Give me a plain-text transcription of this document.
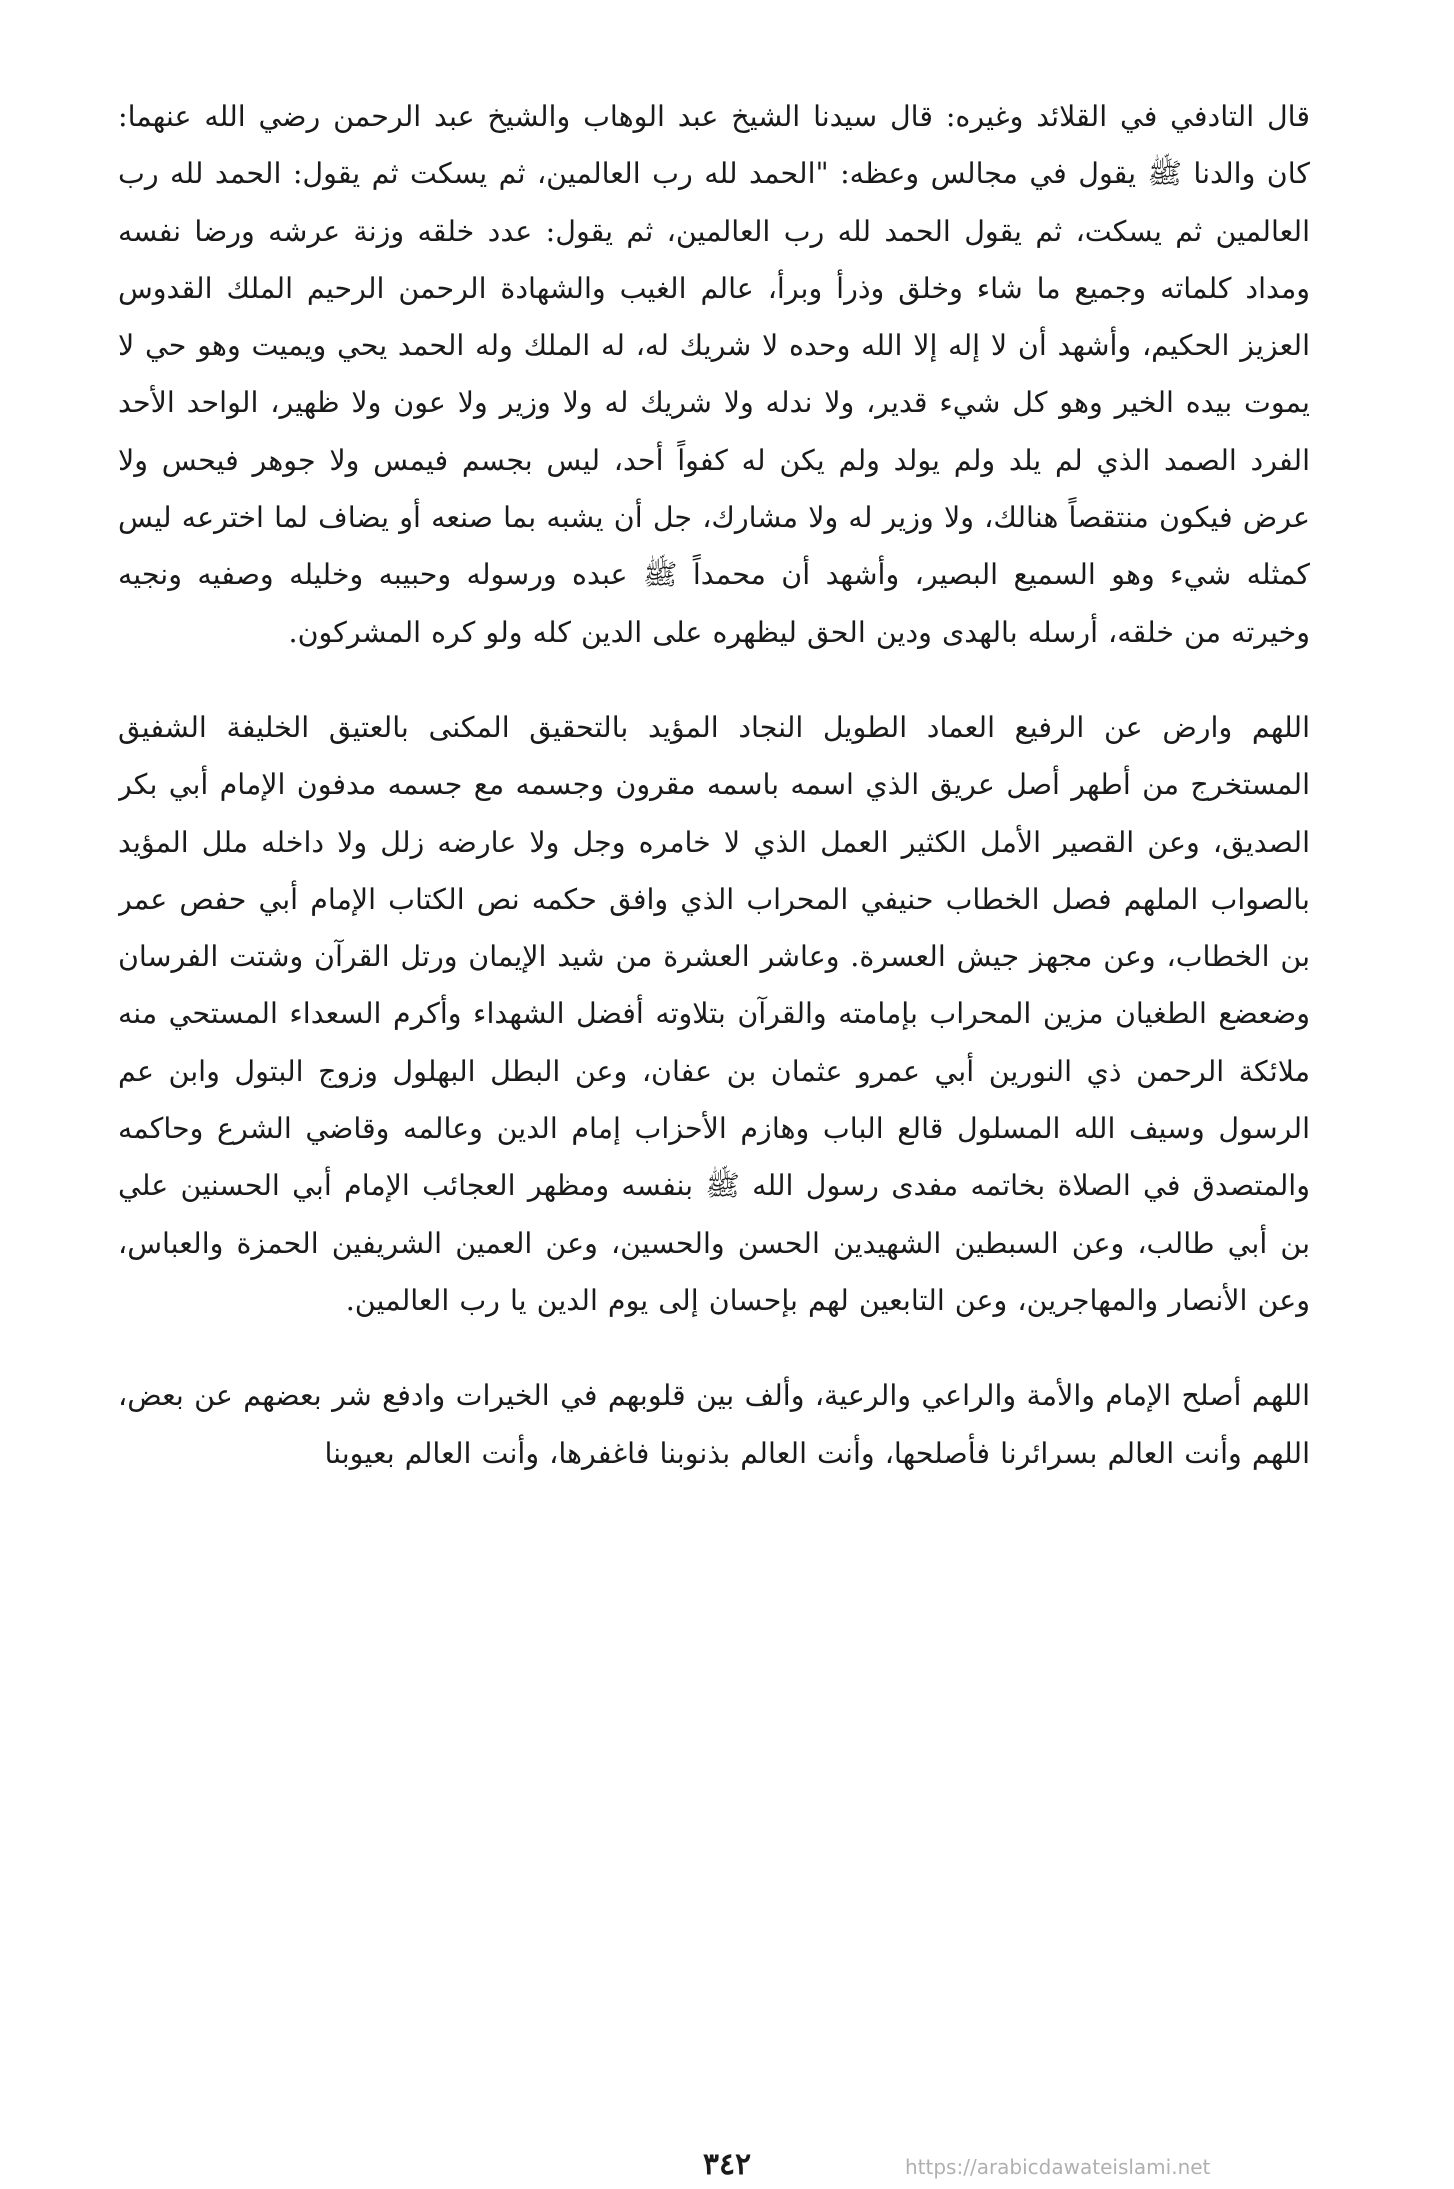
قال التادفي في القلائد وغيره: قال سيدنا الشيخ عبد الوهاب والشيخ عبد الرحمن رضي الله عنهما: كان والدنا ﷺ يقول في مجالس وعظه: "الحمد لله رب العالمين، ثم يسكت ثم يقول: الحمد لله رب العالمين ثم يسكت، ثم يقول الحمد لله رب العالمين، ثم يقول: عدد خلقه وزنة عرشه ورضا نفسه ومداد كلماته وجميع ما شاء وخلق وذرأ وبرأ، عالم الغيب والشهادة الرحمن الرحيم الملك القدوس العزيز الحكيم، وأشهد أن لا إله إلا الله وحده لا شريك له، له الملك وله الحمد يحي ويميت وهو حي لا يموت بيده الخير وهو كل شيء قدير، ولا ندله ولا شريك له ولا وزير ولا عون ولا ظهير، الواحد الأحد الفرد الصمد الذي لم يلد ولم يولد ولم يكن له كفواً أحد، ليس بجسم فيمس ولا جوهر فيحس ولا عرض فيكون منتقصاً هنالك، ولا وزير له ولا مشارك، جل أن يشبه بما صنعه أو يضاف لما اخترعه ليس كمثله شيء وهو السميع البصير، وأشهد أن محمداً ﷺ عبده ورسوله وحبيبه وخليله وصفيه ونجيه وخيرته من خلقه، أرسله بالهدى ودين الحق ليظهره على الدين كله ولو كره المشركون.

اللهم وارض عن الرفيع العماد الطويل النجاد المؤيد بالتحقيق المكنى بالعتيق الخليفة الشفيق المستخرج من أطهر أصل عريق الذي اسمه باسمه مقرون وجسمه مع جسمه مدفون الإمام أبي بكر الصديق، وعن القصير الأمل الكثير العمل الذي لا خامره وجل ولا عارضه زلل ولا داخله ملل المؤيد بالصواب الملهم فصل الخطاب حنيفي المحراب الذي وافق حكمه نص الكتاب الإمام أبي حفص عمر بن الخطاب، وعن مجهز جيش العسرة. وعاشر العشرة من شيد الإيمان ورتل القرآن وشتت الفرسان وضعضع الطغيان مزين المحراب بإمامته والقرآن بتلاوته أفضل الشهداء وأكرم السعداء المستحي منه ملائكة الرحمن ذي النورين أبي عمرو عثمان بن عفان، وعن البطل البهلول وزوج البتول وابن عم الرسول وسيف الله المسلول قالع الباب وهازم الأحزاب إمام الدين وعالمه وقاضي الشرع وحاكمه والمتصدق في الصلاة بخاتمه مفدى رسول الله ﷺ بنفسه ومظهر العجائب الإمام أبي الحسنين علي بن أبي طالب، وعن السبطين الشهيدين الحسن والحسين، وعن العمين الشريفين الحمزة والعباس، وعن الأنصار والمهاجرين، وعن التابعين لهم بإحسان إلى يوم الدين يا رب العالمين.

اللهم أصلح الإمام والأمة والراعي والرعية، وألف بين قلوبهم في الخيرات وادفع شر بعضهم عن بعض، اللهم وأنت العالم بسرائرنا فأصلحها، وأنت العالم بذنوبنا فاغفرها، وأنت العالم بعيوبنا

٣٤٢	https://arabicdawateislami.net
